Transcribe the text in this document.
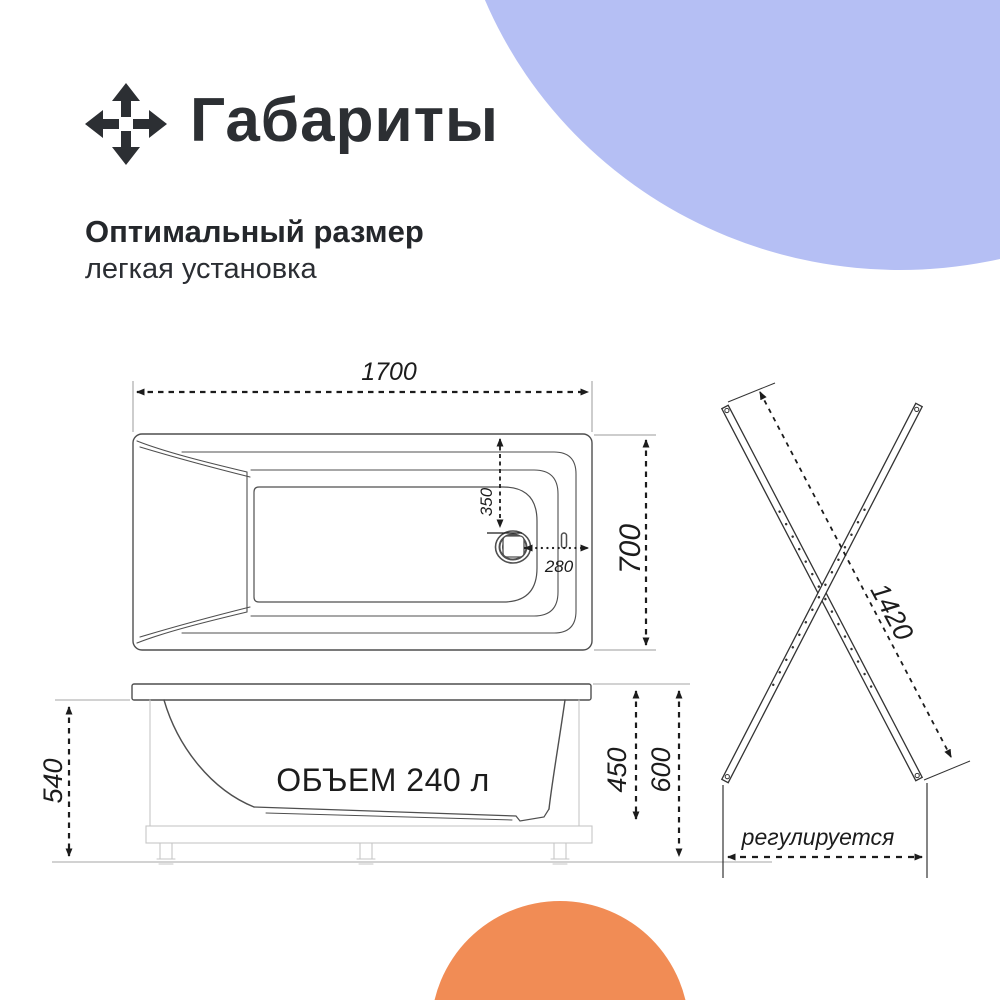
1700
700
350
280
ОБЪЕМ 240 л
540	450 600
1420
регулируется
Габариты
Оптимальный размер
легкая установка
